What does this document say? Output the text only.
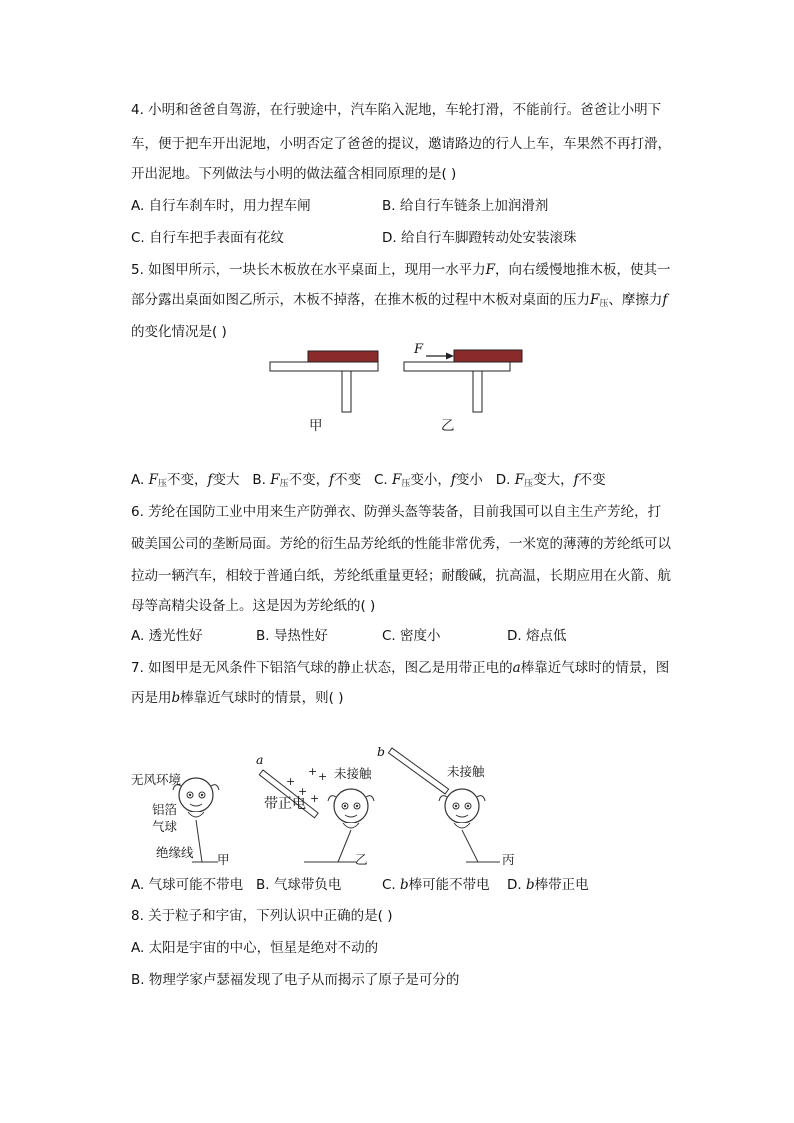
4. 小明和爸爸自驾游，在行驶途中，汽车陷入泥地，车轮打滑，不能前行。爸爸让小明下
车，便于把车开出泥地，小明否定了爸爸的提议，邀请路边的行人上车，车果然不再打滑，
开出泥地。下列做法与小明的做法蕴含相同原理的是( )
A. 自行车刹车时，用力捏车闸	B. 给自行车链条上加润滑剂
C. 自行车把手表面有花纹	D. 给自行车脚蹬转动处安装滚珠
5. 如图甲所示，一块长木板放在水平桌面上，现用一水平力F，向右缓慢地推木板，使其一
部分露出桌面如图乙所示，木板不掉落，在推木板的过程中木板对桌面的压力$F_压$、摩擦力f
的变化情况是( )
F
甲	乙
A. $F_压$不变，f变大 B. $F_压$不变，f不变 C. $F_压$变小，f变小 D. $F_压$变大，f不变
6. 芳纶在国防工业中用来生产防弹衣、防弹头盔等装备，目前我国可以自主生产芳纶，打
破美国公司的垄断局面。芳纶的衍生品芳纶纸的性能非常优秀，一米宽的薄薄的芳纶纸可以
拉动一辆汽车，相较于普通白纸，芳纶纸重量更轻；耐酸碱，抗高温，长期应用在火箭、航
母等高精尖设备上。这是因为芳纶纸的( )
A. 透光性好	B. 导热性好	C. 密度小	D. 熔点低
7. 如图甲是无风条件下铝箔气球的静止状态，图乙是用带正电的a棒靠近气球时的情景，图
丙是用b棒靠近气球时的情景，则( )
+ +
+
+
+
无风环境
铝箔
气球
绝缘线 甲
a
带正电
未接触
乙
b
未接触
丙
A. 气球可能不带电 B. 气球带负电	C. b棒可能不带电 D. b棒带正电
8. 关于粒子和宇宙，下列认识中正确的是( )
A. 太阳是宇宙的中心，恒星是绝对不动的
B. 物理学家卢瑟福发现了电子从而揭示了原子是可分的
